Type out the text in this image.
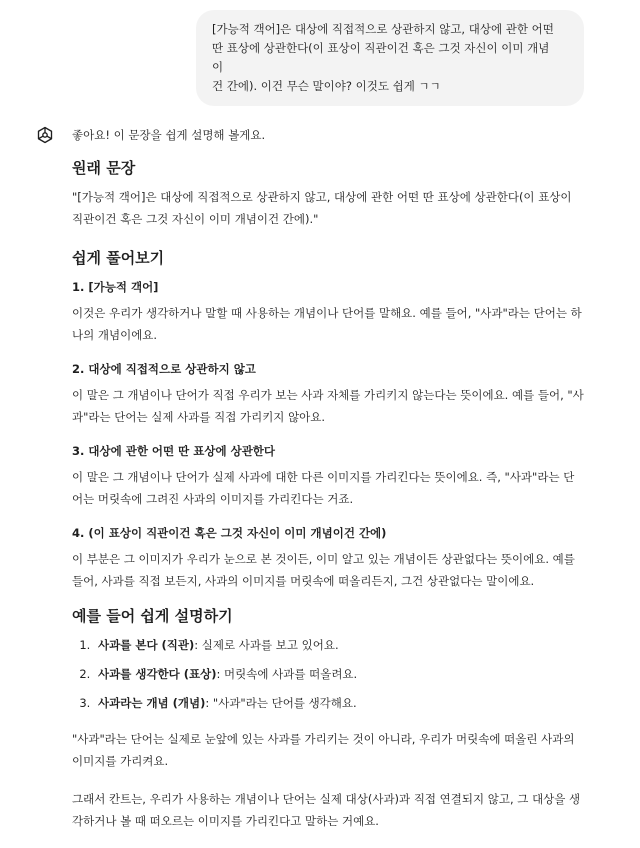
[가능적 객어]은 대상에 직접적으로 상관하지 않고, 대상에 관한 어떤
딴 표상에 상관한다(이 표상이 직관이건 혹은 그것 자신이 이미 개념
이
건 간에). 이건 무슨 말이야? 이것도 쉽게 ㄱㄱ

좋아요! 이 문장을 쉽게 설명해 볼게요.

원래 문장

"[가능적 객어]은 대상에 직접적으로 상관하지 않고, 대상에 관한 어떤 딴 표상에 상관한다(이 표상이 직관이건 혹은 그것 자신이 이미 개념이건 간에)."

쉽게 풀어보기
1. [가능적 객어]

이것은 우리가 생각하거나 말할 때 사용하는 개념이나 단어를 말해요. 예를 들어, "사과"라는 단어는 하나의 개념이에요.

2. 대상에 직접적으로 상관하지 않고

이 말은 그 개념이나 단어가 직접 우리가 보는 사과 자체를 가리키지 않는다는 뜻이에요. 예를 들어, "사과"라는 단어는 실제 사과를 직접 가리키지 않아요.

3. 대상에 관한 어떤 딴 표상에 상관한다

이 말은 그 개념이나 단어가 실제 사과에 대한 다른 이미지를 가리킨다는 뜻이에요. 즉, "사과"라는 단어는 머릿속에 그려진 사과의 이미지를 가리킨다는 거죠.

4. (이 표상이 직관이건 혹은 그것 자신이 이미 개념이건 간에)

이 부분은 그 이미지가 우리가 눈으로 본 것이든, 이미 알고 있는 개념이든 상관없다는 뜻이에요. 예를 들어, 사과를 직접 보든지, 사과의 이미지를 머릿속에 떠올리든지, 그건 상관없다는 말이에요.

예를 들어 쉽게 설명하기
1. 사과를 본다 (직관): 실제로 사과를 보고 있어요.
2. 사과를 생각한다 (표상): 머릿속에 사과를 떠올려요.
3. 사과라는 개념 (개념): "사과"라는 단어를 생각해요.

"사과"라는 단어는 실제로 눈앞에 있는 사과를 가리키는 것이 아니라, 우리가 머릿속에 떠올린 사과의 이미지를 가리켜요.

그래서 칸트는, 우리가 사용하는 개념이나 단어는 실제 대상(사과)과 직접 연결되지 않고, 그 대상을 생각하거나 볼 때 떠오르는 이미지를 가리킨다고 말하는 거예요.
